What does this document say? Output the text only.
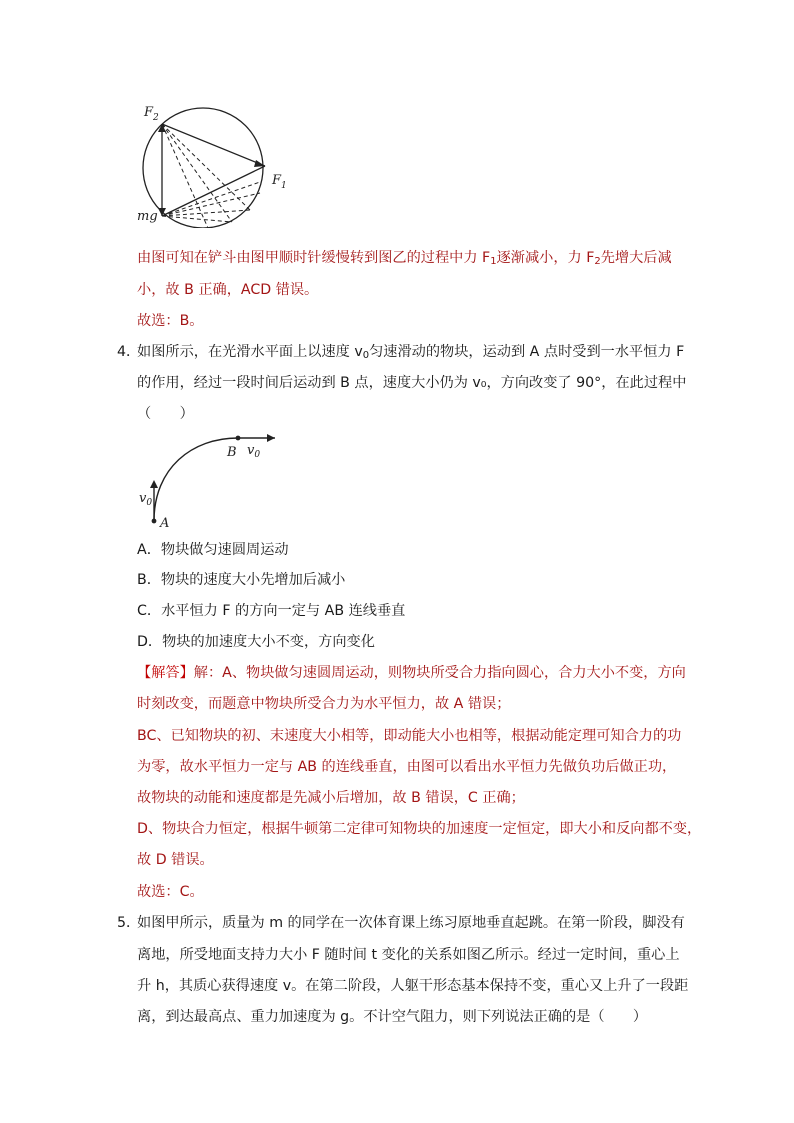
$F_2$
$F_1$
mg
由图可知在铲斗由图甲顺时针缓慢转到图乙的过程中力 $F_1$逐渐减小，力 $F_2$先增大后减
小，故 B 正确，ACD 错误。
故选：B。
4．
如图所示，在光滑水平面上以速度 $v_0$匀速滑动的物块，运动到 A 点时受到一水平恒力 F
的作用，经过一段时间后运动到 B 点，速度大小仍为 v₀，方向改变了 90°，在此过程中
（　　）
B $v_0$
$v_0$
A
A．物块做匀速圆周运动
B．物块的速度大小先增加后减小
C．水平恒力 F 的方向一定与 AB 连线垂直
D．物块的加速度大小不变，方向变化
【解答】解：A、物块做匀速圆周运动，则物块所受合力指向圆心，合力大小不变，方向
时刻改变，而题意中物块所受合力为水平恒力，故 A 错误；
BC、已知物块的初、末速度大小相等，即动能大小也相等，根据动能定理可知合力的功
为零，故水平恒力一定与 AB 的连线垂直，由图可以看出水平恒力先做负功后做正功，
故物块的动能和速度都是先减小后增加，故 B 错误，C 正确；
D、物块合力恒定，根据牛顿第二定律可知物块的加速度一定恒定，即大小和反向都不变，
故 D 错误。
故选：C。
5．
如图甲所示，质量为 m 的同学在一次体育课上练习原地垂直起跳。在第一阶段，脚没有
离地，所受地面支持力大小 F 随时间 t 变化的关系如图乙所示。经过一定时间，重心上
升 h，其质心获得速度 v。在第二阶段，人躯干形态基本保持不变，重心又上升了一段距
离，到达最高点、重力加速度为 g。不计空气阻力，则下列说法正确的是（　　）
